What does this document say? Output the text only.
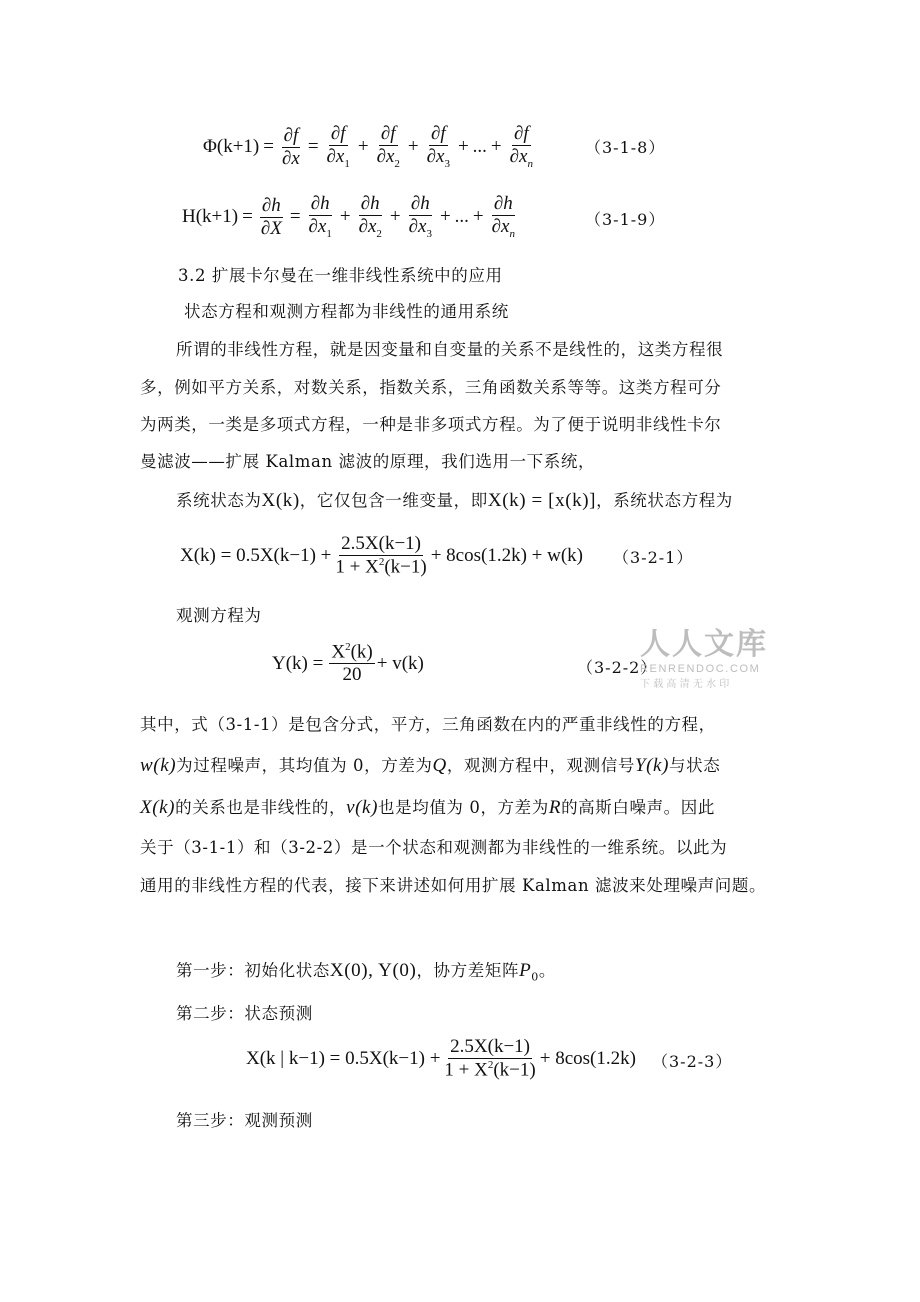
$\Phi(k+1) = \frac{\partial f}{\partial x} = \frac{\partial f}{\partial x_1} + \frac{\partial f}{\partial x_2} + \frac{\partial f}{\partial x_3}$ + ... + $\frac{\partial f}{\partial x_n}$	（3-1-8）
$H(k+1) = \frac{\partial h}{\partial X} = \frac{\partial h}{\partial x_1} + \frac{\partial h}{\partial x_2} + \frac{\partial h}{\partial x_3}$ + ... + $\frac{\partial h}{\partial x_n}$	（3-1-9）
3.2 扩展卡尔曼在一维非线性系统中的应用
状态方程和观测方程都为非线性的通用系统
所谓的非线性方程，就是因变量和自变量的关系不是线性的，这类方程很
多，例如平方关系，对数关系，指数关系，三角函数关系等等。这类方程可分
为两类，一类是多项式方程，一种是非多项式方程。为了便于说明非线性卡尔
曼滤波——扩展 Kalman 滤波的原理，我们选用一下系统，
系统状态为X(k)，它仅包含一维变量，即X(k) = [x(k)]，系统状态方程为
$X(k) = 0.5X(k-1) + \frac{2.5X(k-1)}{1 + X^2(k-1)} + 8\cos(1.2k) + w(k)$ （3-2-1）
观测方程为
$Y(k) = \frac{X^2(k)}{20} + v(k)$	（3-2-2）
人人文库
RENRENDOC.COM
下载高清无水印
其中，式（3-1-1）是包含分式，平方，三角函数在内的严重非线性的方程，
w(k)为过程噪声，其均值为 0，方差为Q，观测方程中，观测信号Y(k)与状态
X(k)的关系也是非线性的，v(k)也是均值为 0，方差为R的高斯白噪声。因此
关于（3-1-1）和（3-2-2）是一个状态和观测都为非线性的一维系统。以此为
通用的非线性方程的代表，接下来讲述如何用扩展 Kalman 滤波来处理噪声问题。
第一步：初始化状态X(0), Y(0)，协方差矩阵$P_0$。
第二步：状态预测
X(k | $k-1) = 0.5X(k-1) + \frac{2.5X(k-1)}{1 + X^2(k-1)} + 8\cos(1.2k)$ （3-2-3）
第三步：观测预测
